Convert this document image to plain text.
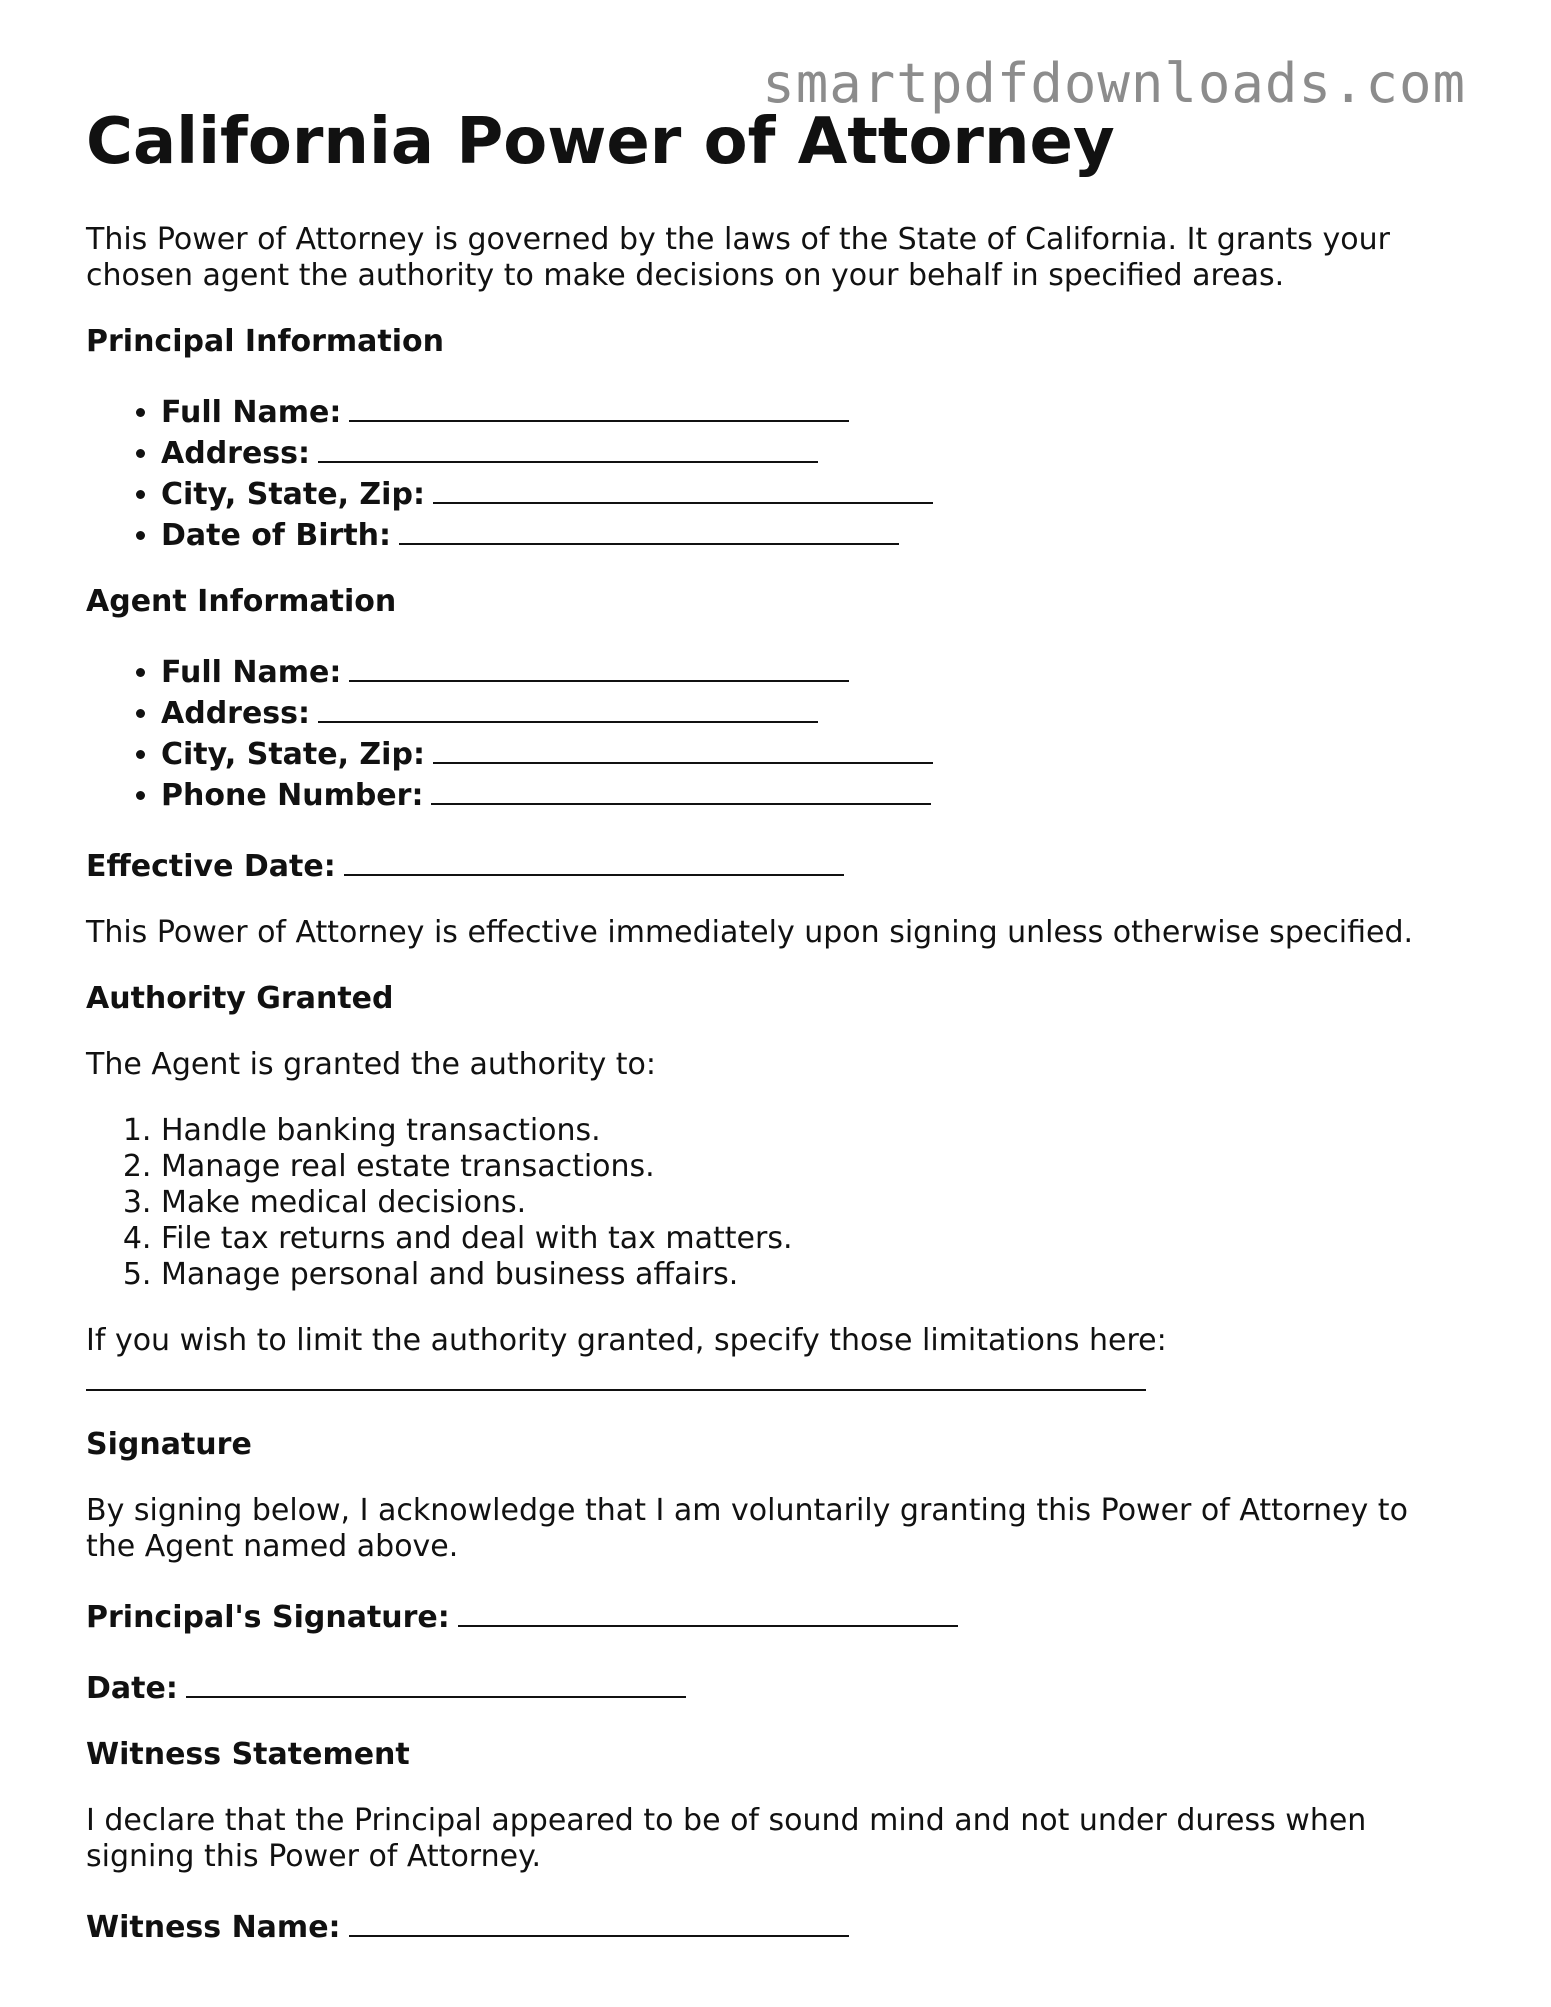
smartpdfdownloads.com
California Power of Attorney

This Power of Attorney is governed by the laws of the State of California. It grants your chosen agent the authority to make decisions on your behalf in specified areas.

Principal Information

• Full Name:
• Address:
• City, State, Zip:
• Date of Birth:

Agent Information

• Full Name:
• Address:
• City, State, Zip:
• Phone Number:

Effective Date:

This Power of Attorney is effective immediately upon signing unless otherwise specified.

Authority Granted

The Agent is granted the authority to:

1. Handle banking transactions.
2. Manage real estate transactions.
3. Make medical decisions.
4. File tax returns and deal with tax matters.
5. Manage personal and business affairs.

If you wish to limit the authority granted, specify those limitations here:

Signature

By signing below, I acknowledge that I am voluntarily granting this Power of Attorney to the Agent named above.

Principal's Signature:

Date:

Witness Statement

I declare that the Principal appeared to be of sound mind and not under duress when signing this Power of Attorney.

Witness Name:
